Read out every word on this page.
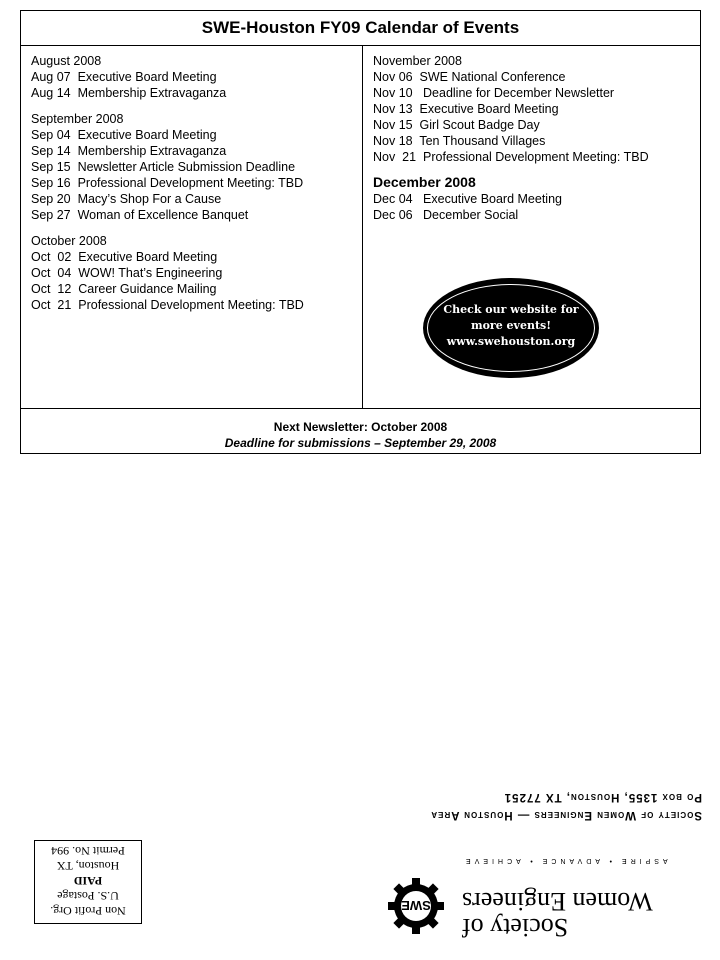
SWE-Houston FY09 Calendar of Events
August 2008
Aug 07  Executive Board Meeting
Aug 14  Membership Extravaganza
September 2008
Sep 04  Executive Board Meeting
Sep 14  Membership Extravaganza
Sep 15  Newsletter Article Submission Deadline
Sep 16  Professional Development Meeting: TBD
Sep 20  Macy’s Shop For a Cause
Sep 27  Woman of Excellence Banquet
October 2008
Oct  02  Executive Board Meeting
Oct  04  WOW! That’s Engineering
Oct  12  Career Guidance Mailing
Oct  21  Professional Development Meeting: TBD
November 2008
Nov 06  SWE National Conference
Nov 10   Deadline for December Newsletter
Nov 13  Executive Board Meeting
Nov 15  Girl Scout Badge Day
Nov 18  Ten Thousand Villages
Nov  21  Professional Development Meeting: TBD
December 2008
Dec 04   Executive Board Meeting
Dec 06   December Social
Check our website for
more events!
www.swehouston.org
Next Newsletter: October 2008
Deadline for submissions – September 29, 2008
Society of Women Engineers — Houston Area
Po box 1355, Houston, TX 77251
Non Profit Org.
U.S. Postage
PAID
Houston, TX
Permit No. 994
Society of
Women Engineers
ASPIRE • ADVANCE • ACHIEVE
SWE
